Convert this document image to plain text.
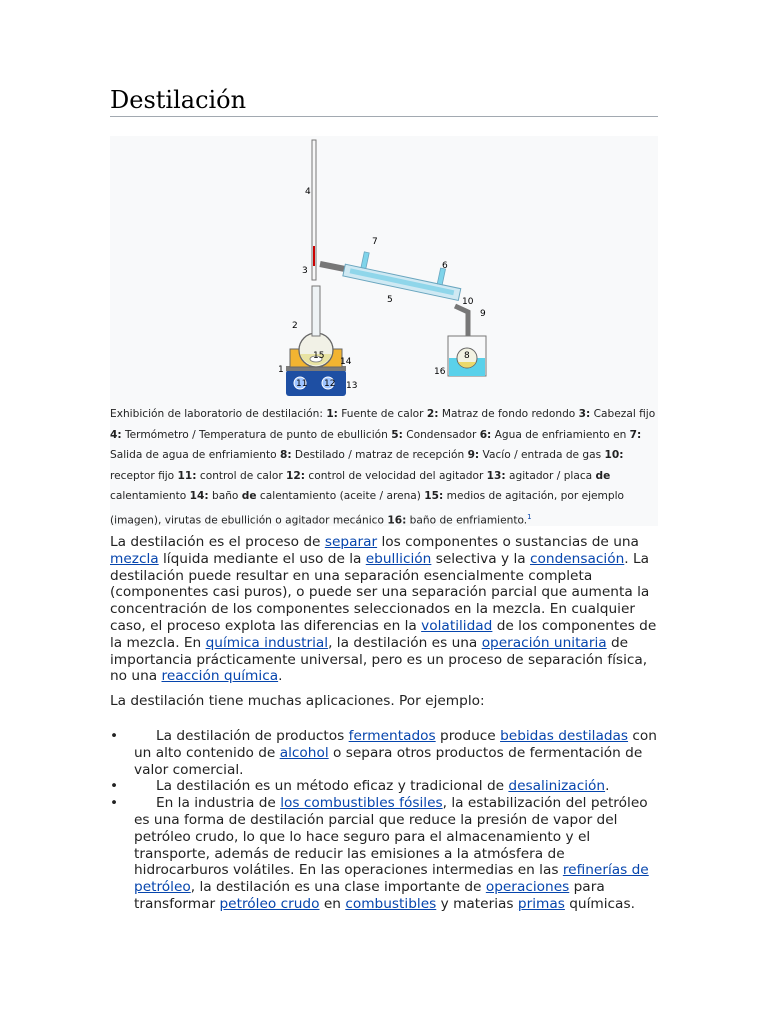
Destilación
1
2
3
4
5
6
7
8
9
10
11 12 13
14
15
16
Exhibición de laboratorio de destilación: 1: Fuente de calor 2: Matraz de fondo redondo 3: Cabezal fijo 4: Termómetro / Temperatura de punto de ebullición 5: Condensador 6: Agua de enfriamiento en 7: Salida de agua de enfriamiento 8: Destilado / matraz de recepción 9: Vacío / entrada de gas 10: receptor fijo 11: control de calor 12: control de velocidad del agitador 13: agitador / placa de calentamiento 14: baño de calentamiento (aceite / arena) 15: medios de agitación, por ejemplo (imagen), virutas de ebullición o agitador mecánico 16: baño de enfriamiento.$^1$

La destilación es el proceso de separar los componentes o sustancias de una mezcla líquida mediante el uso de la ebullición selectiva y la condensación. La destilación puede resultar en una separación esencialmente completa (componentes casi puros), o puede ser una separación parcial que aumenta la concentración de los componentes seleccionados en la mezcla. En cualquier caso, el proceso explota las diferencias en la volatilidad de los componentes de la mezcla. En química industrial, la destilación es una operación unitaria de importancia prácticamente universal, pero es un proceso de separación física, no una reacción química.

La destilación tiene muchas aplicaciones. Por ejemplo:

•	La destilación de productos fermentados produce bebidas destiladas con un alto contenido de alcohol o separa otros productos de fermentación de valor comercial.
•	La destilación es un método eficaz y tradicional de desalinización.
•	En la industria de los combustibles fósiles, la estabilización del petróleo es una forma de destilación parcial que reduce la presión de vapor del petróleo crudo, lo que lo hace seguro para el almacenamiento y el transporte, además de reducir las emisiones a la atmósfera de hidrocarburos volátiles. En las operaciones intermedias en las refinerías de petróleo, la destilación es una clase importante de operaciones para transformar petróleo crudo en combustibles y materias primas químicas.
